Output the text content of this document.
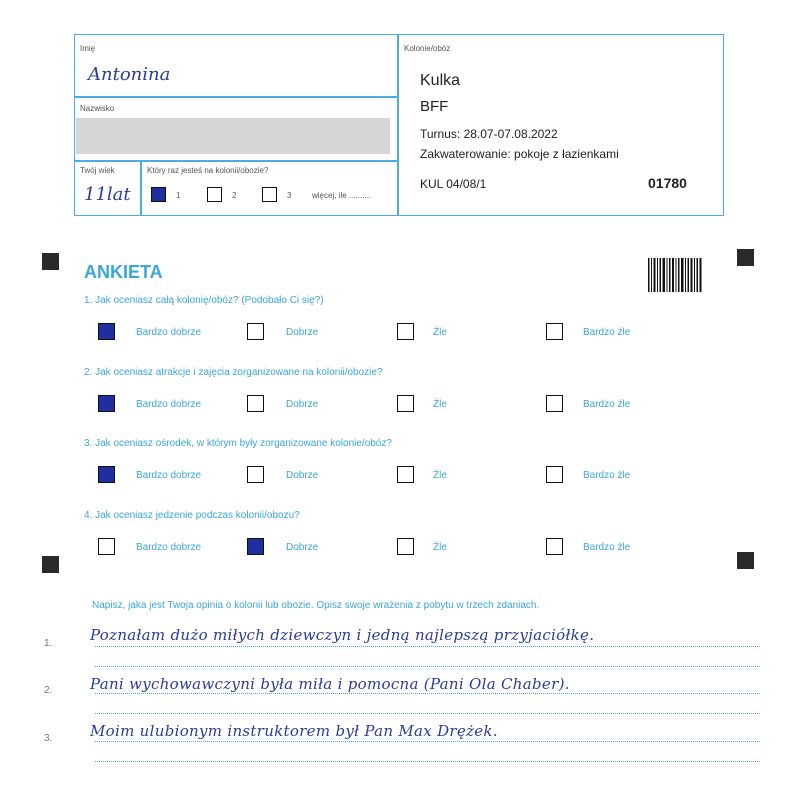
Imię
Antonina
Nazwisko
Twój wiek
11lat
Który raz jesteś na kolonii/obozie?
1	2	3	więcej, ile ..........
Kolonie/obóz
Kulka
BFF
Turnus: 28.07-07.08.2022
Zakwaterowanie: pokoje z łazienkami
KUL 04/08/1	01780
ANKIETA
1. Jak oceniasz całą kolonię/obóz? (Podobało Ci się?)
Bardzo dobrze	Dobrze	Źle	Bardzo źle
2. Jak oceniasz atrakcje i zajęcia zorganizowane na kolonii/obozie?
Bardzo dobrze	Dobrze	Źle	Bardzo źle
3. Jak oceniasz ośrodek, w którym były zorganizowane kolonie/obóz?
Bardzo dobrze	Dobrze	Źle	Bardzo źle
4. Jak oceniasz jedzenie podczas kolonii/obozu?
Bardzo dobrze	Dobrze	Źle	Bardzo źle
Napisz, jaka jest Twoja opinia o kolonii lub obozie. Opisz swoje wrażenia z pobytu w trzech zdaniach.
1.	Poznałam dużo miłych dziewczyn i jedną najlepszą przyjaciółkę.
2.	Pani wychowawczyni była miła i pomocna (Pani Ola Chaber).
3.	Moim ulubionym instruktorem był Pan Max Drężek.
